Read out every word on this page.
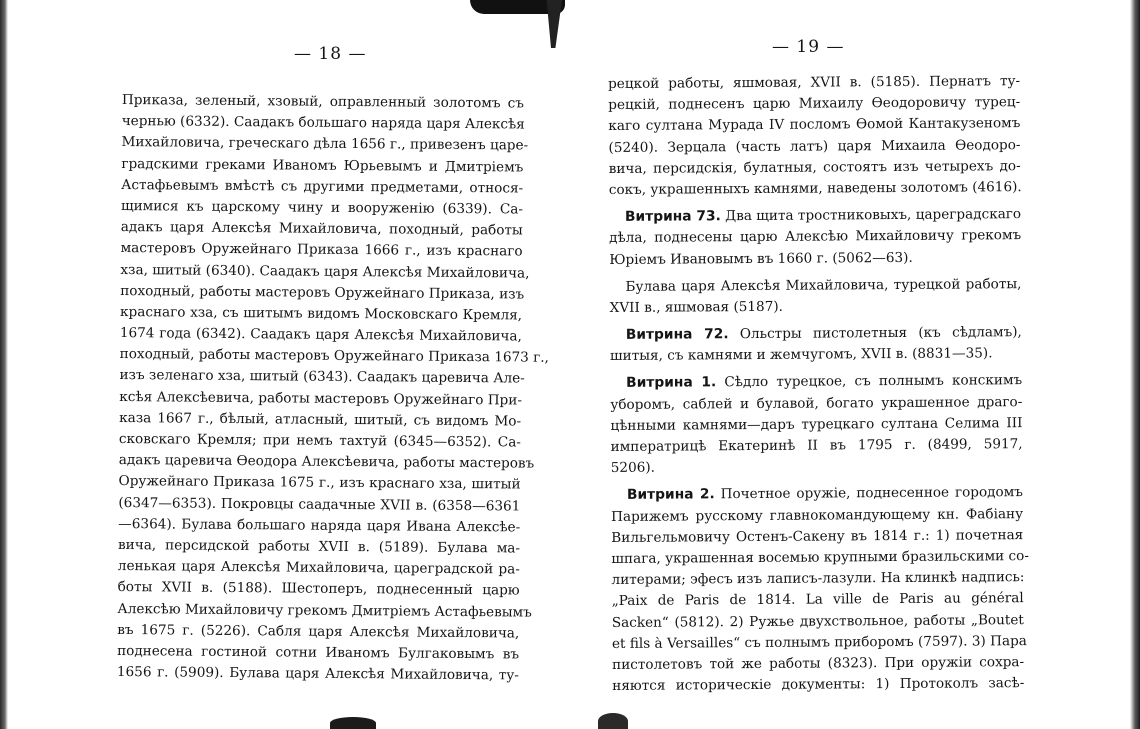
— 18 —
Приказа, зеленый, хзовый, оправленный золотомъ съ
чернью (6332). Саадакъ большаго наряда царя Алексѣя
Михайловича, греческаго дѣла 1656 г., привезенъ царе-
градскими греками Иваномъ Юрьевымъ и Дмитріемъ
Астафьевымъ вмѣстѣ съ другими предметами, относя-
щимися къ царскому чину и вооруженію (6339). Са-
адакъ царя Алексѣя Михайловича, походный, работы
мастеровъ Оружейнаго Приказа 1666 г., изъ краснаго
хза, шитый (6340). Саадакъ царя Алексѣя Михайловича,
походный, работы мастеровъ Оружейнаго Приказа, изъ
краснаго хза, съ шитымъ видомъ Московскаго Кремля,
1674 года (6342). Саадакъ царя Алексѣя Михайловича,
походный, работы мастеровъ Оружейнаго Приказа 1673 г.,
изъ зеленаго хза, шитый (6343). Саадакъ царевича Але-
ксѣя Алексѣевича, работы мастеровъ Оружейнаго При-
каза 1667 г., бѣлый, атласный, шитый, съ видомъ Мо-
сковскаго Кремля; при немъ тахтуй (6345—6352). Са-
адакъ царевича Ѳеодора Алексѣевича, работы мастеровъ
Оружейнаго Приказа 1675 г., изъ краснаго хза, шитый
(6347—6353). Покровцы саадачные XVII в. (6358—6361
—6364). Булава большаго наряда царя Ивана Алексѣе-
вича, персидской работы XVII в. (5189). Булава ма-
ленькая царя Алексѣя Михайловича, цареградской ра-
боты XVII в. (5188). Шестоперъ, поднесенный царю
Алексѣю Михайловичу грекомъ Дмитріемъ Астафьевымъ
въ 1675 г. (5226). Сабля царя Алексѣя Михайловича,
поднесена гостиной сотни Иваномъ Булгаковымъ въ
1656 г. (5909). Булава царя Алексѣя Михайловича, ту-
— 19 —
рецкой работы, яшмовая, XVII в. (5185). Пернатъ ту-
рецкій, поднесенъ царю Михаилу Ѳеодоровичу турец-
каго султана Мурада IV посломъ Ѳомой Кантакузеномъ
(5240). Зерцала (часть латъ) царя Михаила Ѳеодоро-
вича, персидскія, булатныя, состоятъ изъ четырехъ до-
сокъ, украшенныхъ камнями, наведены золотомъ (4616).
Витрина 73. Два щита тростниковыхъ, цареградскаго
дѣла, поднесены царю Алексѣю Михайловичу грекомъ
Юріемъ Ивановымъ въ 1660 г. (5062—63).
Булава царя Алексѣя Михайловича, турецкой работы,
XVII в., яшмовая (5187).
Витрина 72. Ольстры пистолетныя (къ сѣдламъ),
шитыя, съ камнями и жемчугомъ, XVII в. (8831—35).
Витрина 1. Сѣдло турецкое, съ полнымъ конскимъ
уборомъ, саблей и булавой, богато украшенное драго-
цѣнными камнями—даръ турецкаго султана Селима III
императрицѣ Екатеринѣ II въ 1795 г. (8499, 5917,
5206).
Витрина 2. Почетное оружіе, поднесенное городомъ
Парижемъ русскому главнокомандующему кн. Фабіану
Вильгельмовичу Остенъ-Сакену въ 1814 г.: 1) почетная
шпага, украшенная восемью крупными бразильскими со-
литерами; эфесъ изъ лаписъ-лазули. На клинкѣ надпись:
„Paix de Paris de 1814. La ville de Paris au général
Sacken“ (5812). 2) Ружье двухствольное, работы „Boutet
et fils à Versailles“ съ полнымъ приборомъ (7597). 3) Пара
пистолетовъ той же работы (8323). При оружіи сохра-
няются историческіе документы: 1) Протоколъ засѣ-
